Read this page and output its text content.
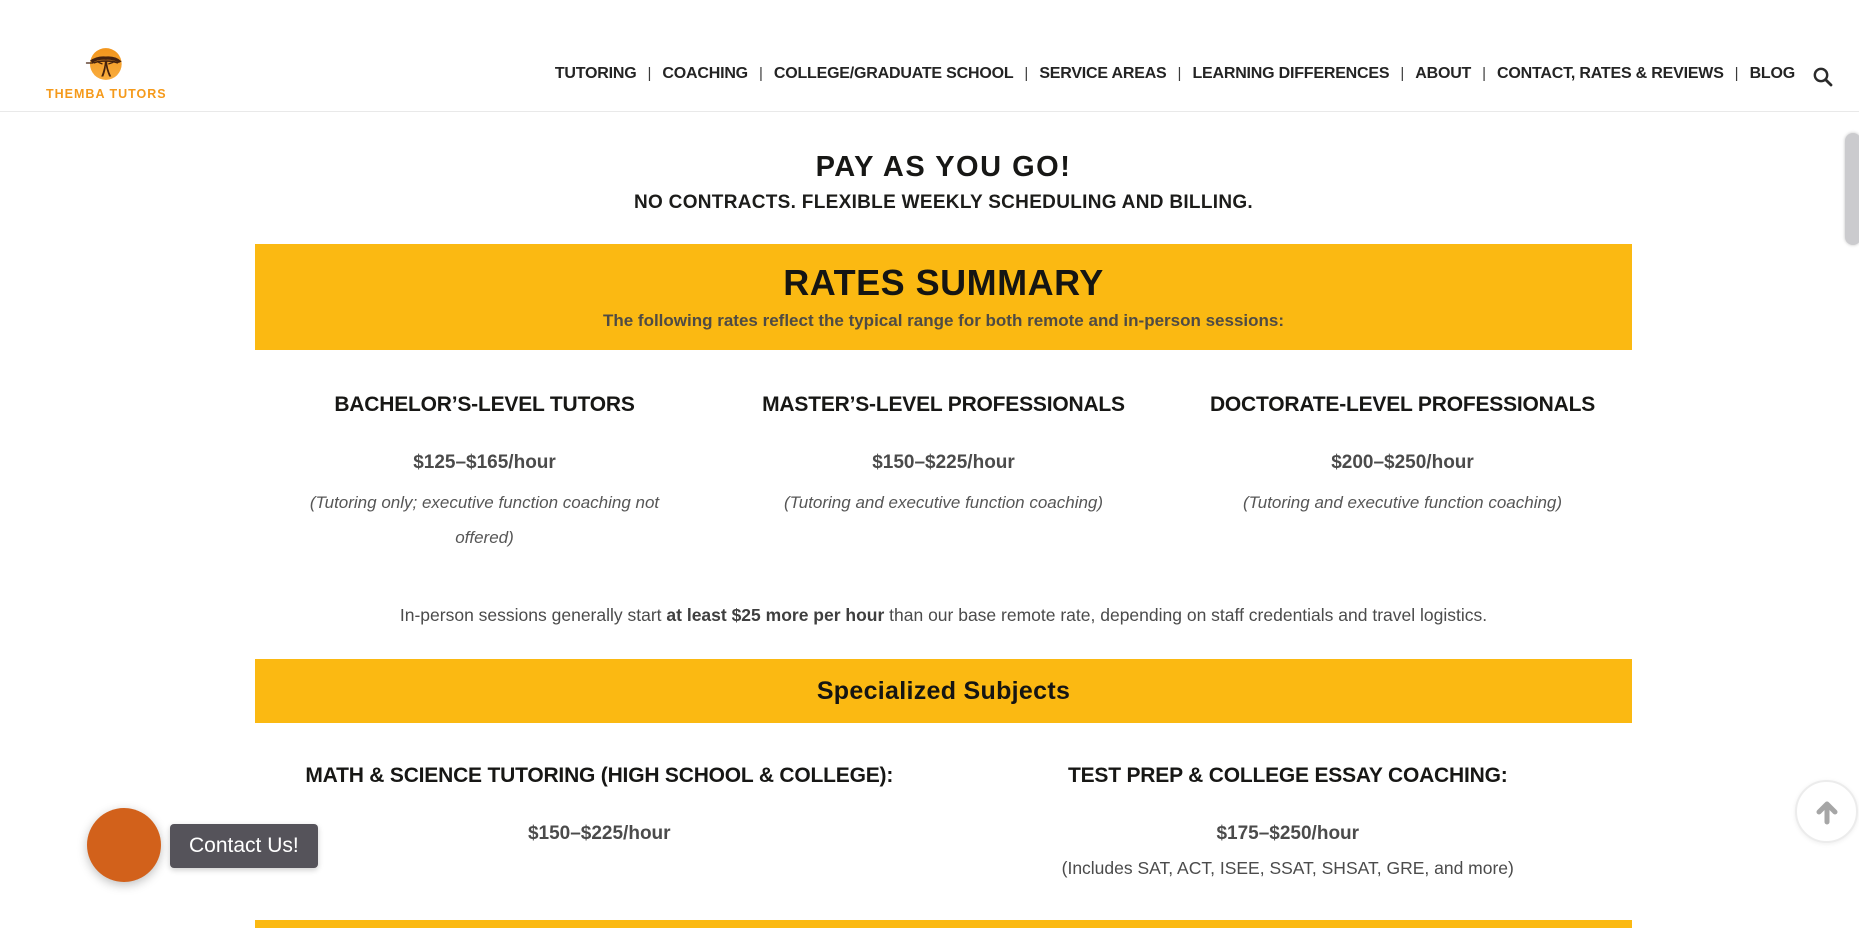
THEMBA TUTORS
TUTORING | COACHING | COLLEGE/GRADUATE SCHOOL | SERVICE AREAS | LEARNING DIFFERENCES | ABOUT | CONTACT, RATES & REVIEWS | BLOG
PAY AS YOU GO!
NO CONTRACTS. FLEXIBLE WEEKLY SCHEDULING AND BILLING.
RATES SUMMARY
The following rates reflect the typical range for both remote and in-person sessions:
BACHELOR’S-LEVEL TUTORS
$125–$165/hour
(Tutoring only; executive function coaching not offered)
MASTER’S-LEVEL PROFESSIONALS
$150–$225/hour
(Tutoring and executive function coaching)
DOCTORATE-LEVEL PROFESSIONALS
$200–$250/hour
(Tutoring and executive function coaching)
In-person sessions generally start at least $25 more per hour than our base remote rate, depending on staff credentials and travel logistics.
Specialized Subjects
MATH & SCIENCE TUTORING (HIGH SCHOOL & COLLEGE):
$150–$225/hour
TEST PREP & COLLEGE ESSAY COACHING:
$175–$250/hour
(Includes SAT, ACT, ISEE, SSAT, SHSAT, GRE, and more)
Contact Us!
